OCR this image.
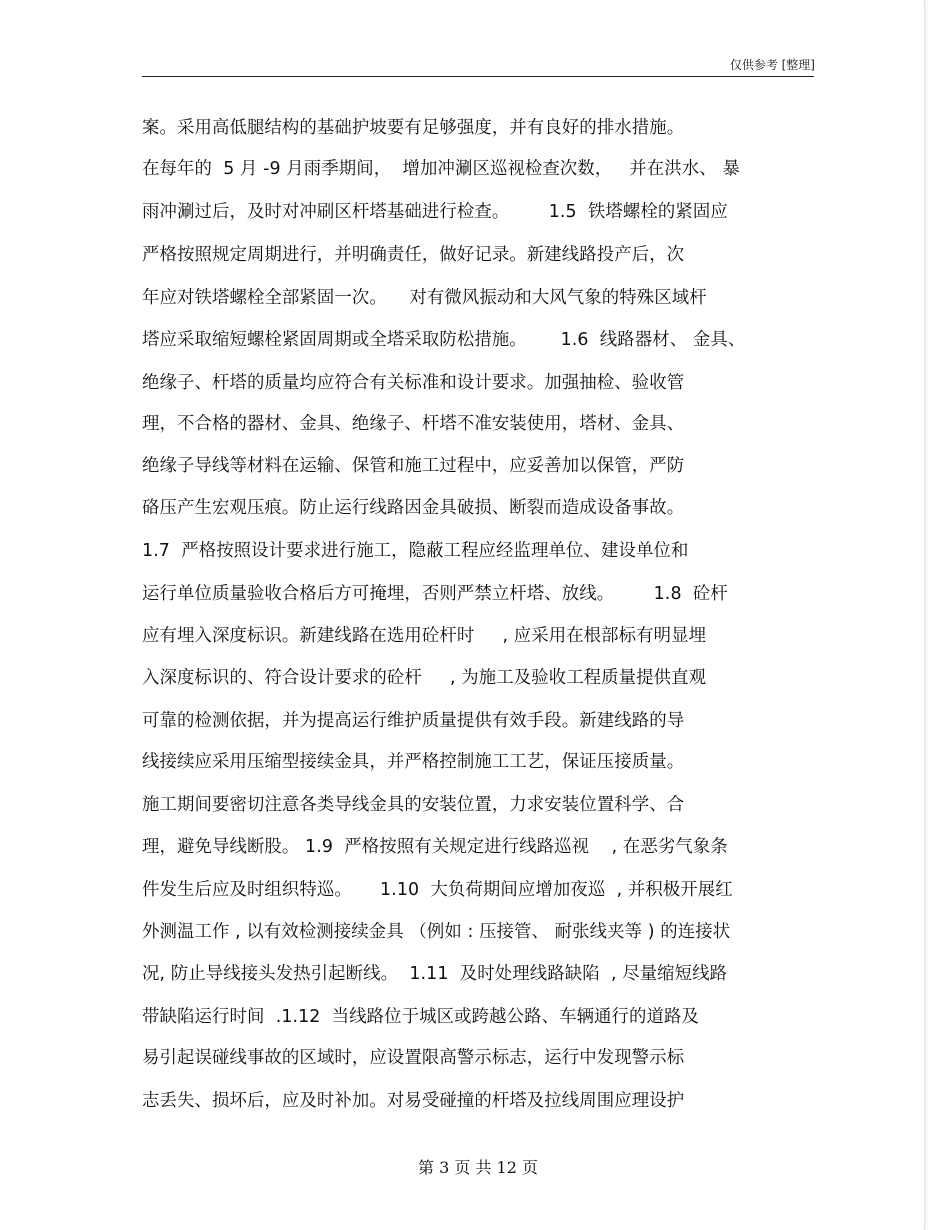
仅供参考 [整理]
案。采用高低腿结构的基础护坡要有足够强度，并有良好的排水措施。
在每年的  5 月 -9 月雨季期间，  增加冲涮区巡视检查次数，   并在洪水、 暴
雨冲涮过后，及时对冲刷区杆塔基础进行检查。       1.5  铁塔螺栓的紧固应
严格按照规定周期进行，并明确责任，做好记录。新建线路投产后，次
年应对铁塔螺栓全部紧固一次。    对有微风振动和大风气象的特殊区域杆
塔应采取缩短螺栓紧固周期或全塔采取防松措施。      1.6  线路器材、 金具、
绝缘子、杆塔的质量均应符合有关标准和设计要求。加强抽检、验收管
理，不合格的器材、金具、绝缘子、杆塔不准安装使用，塔材、金具、
绝缘子导线等材料在运输、保管和施工过程中，应妥善加以保管，严防
硌压产生宏观压痕。防止运行线路因金具破损、断裂而造成设备事故。
1.7  严格按照设计要求进行施工，隐蔽工程应经监理单位、建设单位和
运行单位质量验收合格后方可掩埋，否则严禁立杆塔、放线。       1.8  砼杆
应有埋入深度标识。新建线路在选用砼杆时     , 应采用在根部标有明显埋
入深度标识的、符合设计要求的砼杆     , 为施工及验收工程质量提供直观
可靠的检测依据，并为提高运行维护质量提供有效手段。新建线路的导
线接续应采用压缩型接续金具，并严格控制施工工艺，保证压接质量。
施工期间要密切注意各类导线金具的安装位置，力求安装位置科学、合
理，避免导线断股。 1.9  严格按照有关规定进行线路巡视    , 在恶劣气象条
件发生后应及时组织特巡。     1.10  大负荷期间应增加夜巡  , 并积极开展红
外测温工作 , 以有效检测接续金具 （例如 : 压接管、 耐张线夹等 ) 的连接状
况, 防止导线接头发热引起断线。  1.11  及时处理线路缺陷  , 尽量缩短线路
带缺陷运行时间  .1.12  当线路位于城区或跨越公路、车辆通行的道路及
易引起误碰线事故的区域时，应设置限高警示标志，运行中发现警示标
志丢失、损坏后，应及时补加。对易受碰撞的杆塔及拉线周围应理设护
第 3 页 共 12 页
